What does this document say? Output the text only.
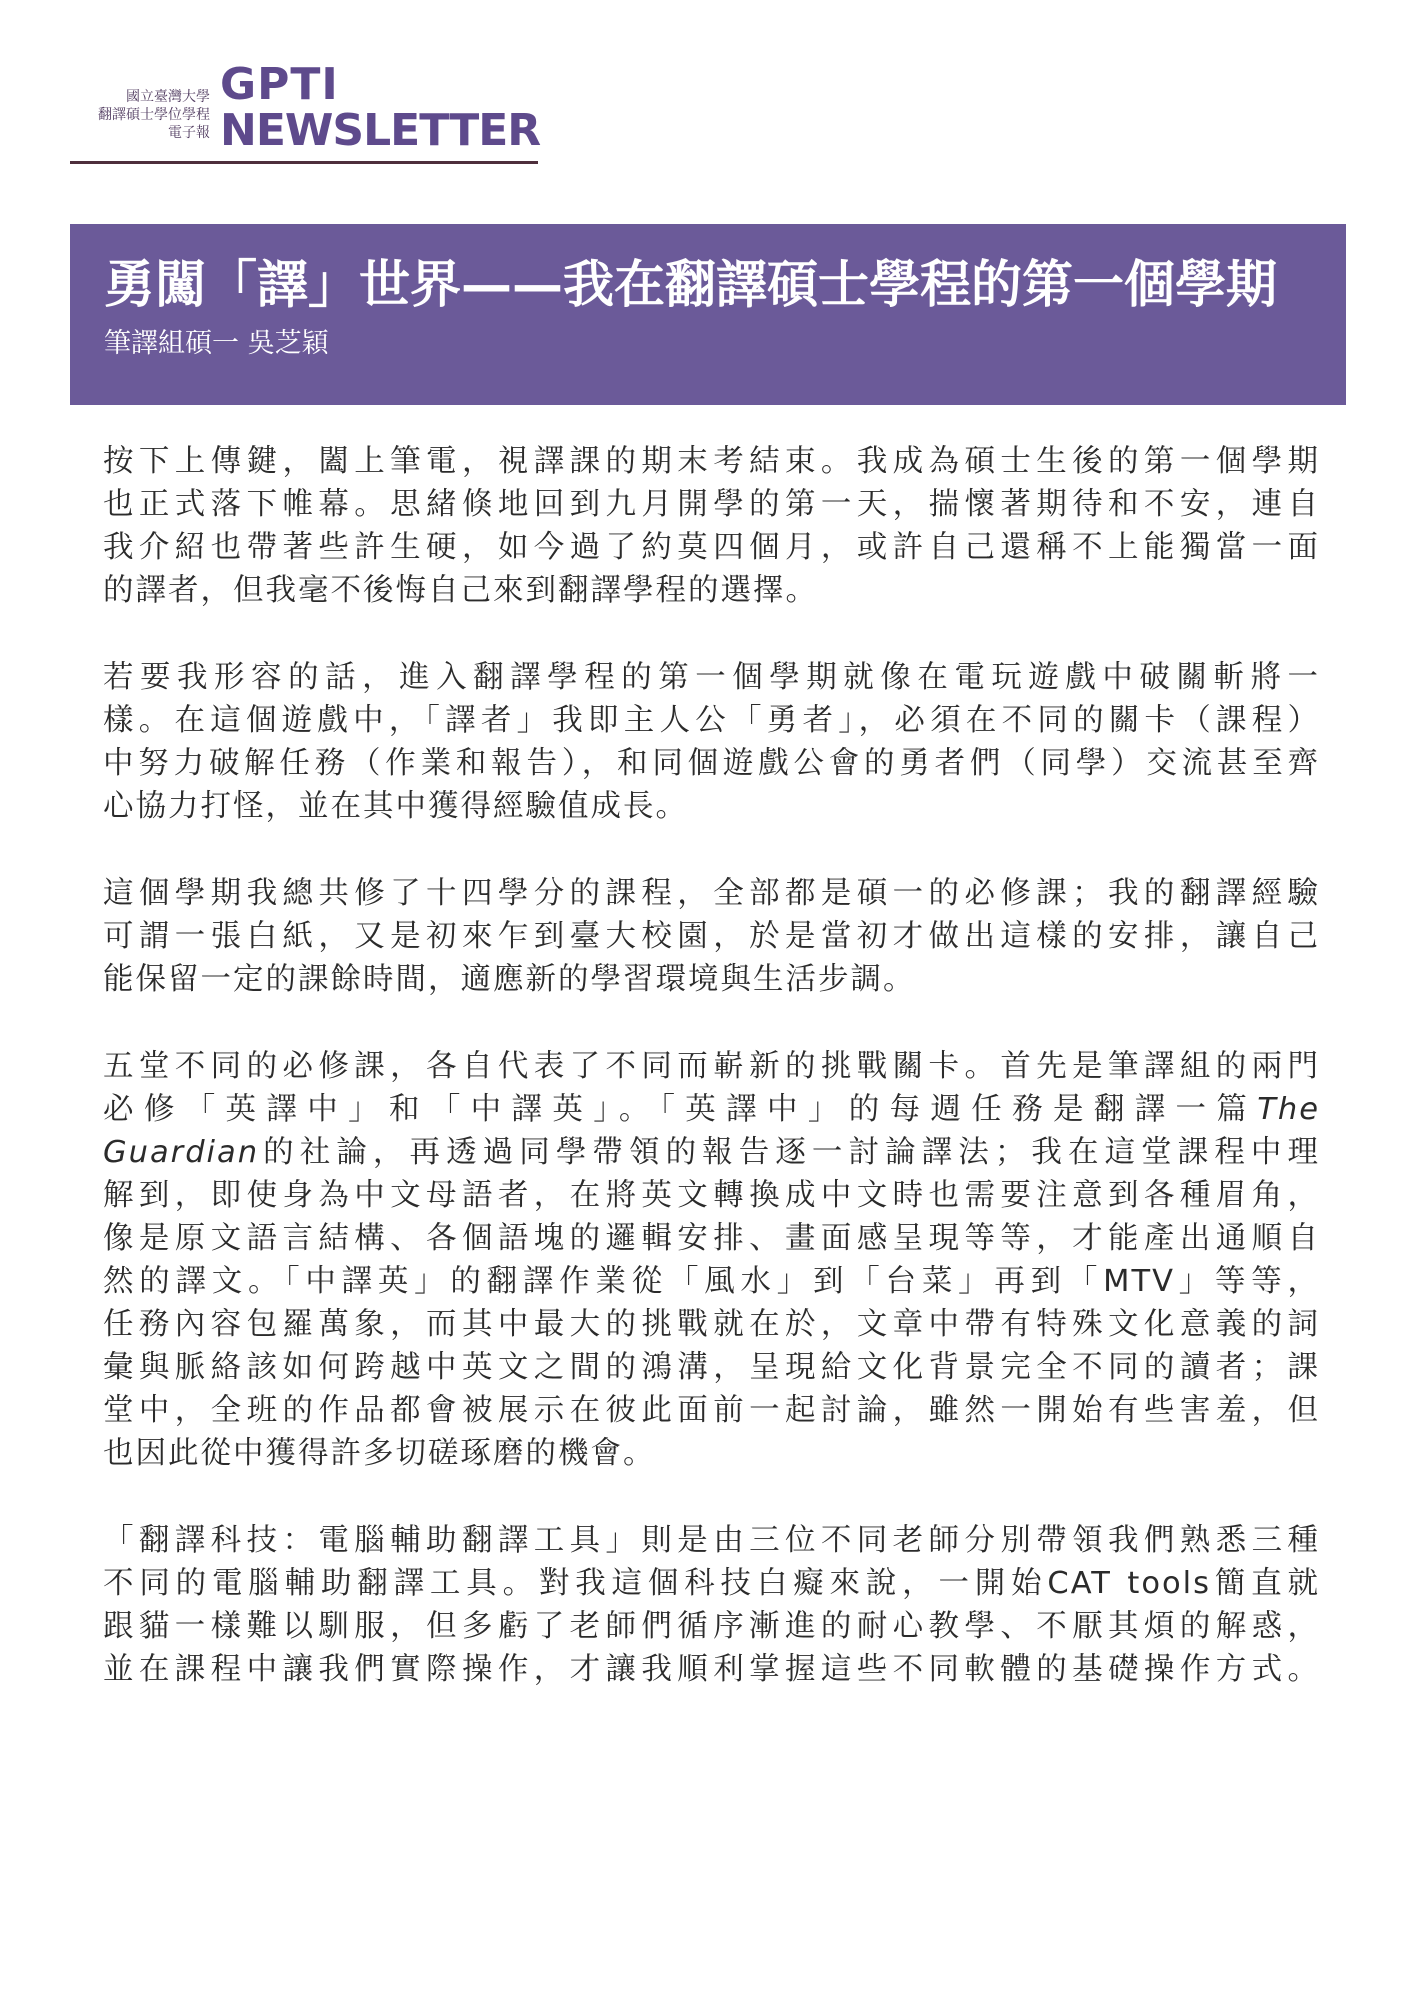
國立臺灣大學
翻譯碩士學位學程
電子報
GPTI
NEWSLETTER
勇闖「譯」世界——我在翻譯碩士學程的第一個學期
筆譯組碩一 吳芝穎

按下上傳鍵，闔上筆電，視譯課的期末考結束。我成為碩士生後的第一個學期
也正式落下帷幕。思緒倏地回到九月開學的第一天，揣懷著期待和不安，連自
我介紹也帶著些許生硬，如今過了約莫四個月，或許自己還稱不上能獨當一面
的譯者，但我毫不後悔自己來到翻譯學程的選擇。

若要我形容的話，進入翻譯學程的第一個學期就像在電玩遊戲中破關斬將一
樣。在這個遊戲中，「譯者」我即主人公「勇者」，必須在不同的關卡（課程）
中努力破解任務（作業和報告），和同個遊戲公會的勇者們（同學）交流甚至齊
心協力打怪，並在其中獲得經驗值成長。

這個學期我總共修了十四學分的課程，全部都是碩一的必修課；我的翻譯經驗
可謂一張白紙，又是初來乍到臺大校園，於是當初才做出這樣的安排，讓自己
能保留一定的課餘時間，適應新的學習環境與生活步調。

五堂不同的必修課，各自代表了不同而嶄新的挑戰關卡。首先是筆譯組的兩門
必修「英譯中」和「中譯英」。「英譯中」的每週任務是翻譯一篇The
Guardian的社論，再透過同學帶領的報告逐一討論譯法；我在這堂課程中理
解到，即使身為中文母語者，在將英文轉換成中文時也需要注意到各種眉角，
像是原文語言結構、各個語塊的邏輯安排、畫面感呈現等等，才能產出通順自
然的譯文。「中譯英」的翻譯作業從「風水」到「台菜」再到「MTV」等等，
任務內容包羅萬象，而其中最大的挑戰就在於，文章中帶有特殊文化意義的詞
彙與脈絡該如何跨越中英文之間的鴻溝，呈現給文化背景完全不同的讀者；課
堂中，全班的作品都會被展示在彼此面前一起討論，雖然一開始有些害羞，但
也因此從中獲得許多切磋琢磨的機會。

「翻譯科技：電腦輔助翻譯工具」則是由三位不同老師分別帶領我們熟悉三種
不同的電腦輔助翻譯工具。對我這個科技白癡來說，一開始CAT tools簡直就
跟貓一樣難以馴服，但多虧了老師們循序漸進的耐心教學、不厭其煩的解惑，
並在課程中讓我們實際操作，才讓我順利掌握這些不同軟體的基礎操作方式。
